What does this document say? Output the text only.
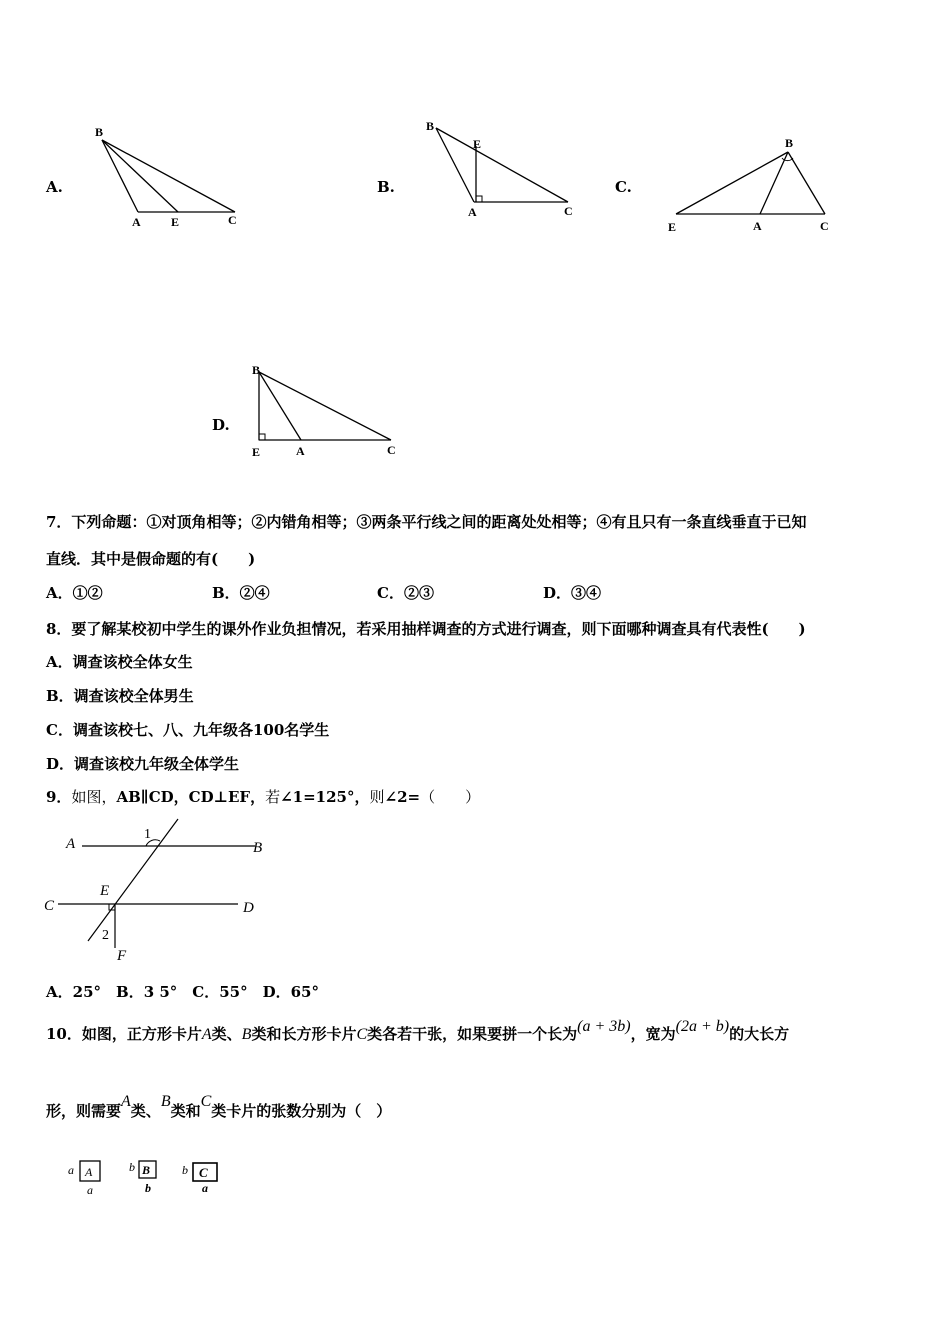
A.
B
A	E	C
B.
B
E
A	C
C.
B
E	A	C
D.
B
E	A	C
7．下列命题：①对顶角相等；②内错角相等；③两条平行线之间的距离处处相等；④有且只有一条直线垂直于已知
直线．其中是假命题的有(　　)
A．①②	B．②④	C．②③	D．③④
8．要了解某校初中学生的课外作业负担情况，若采用抽样调查的方式进行调查，则下面哪种调查具有代表性(　　)
A．调查该校全体女生
B．调查该校全体男生
C．调查该校七、八、九年级各100名学生
D．调查该校九年级全体学生
9．如图，AB∥CD，CD⊥EF，若∠1=125°，则∠2=（　　）
A	B
C	D
E
F
1
2
A．25°　B．3 5°　C．55°　D．65°
10．如图，正方形卡片A类、B类和长方形卡片C类各若干张，如果要拼一个长为(a + 3b)，宽为(2a + b)的大长方
形，则需要A类、B类和C类卡片的张数分别为（　）
a A
a
b B
b
b C
a
